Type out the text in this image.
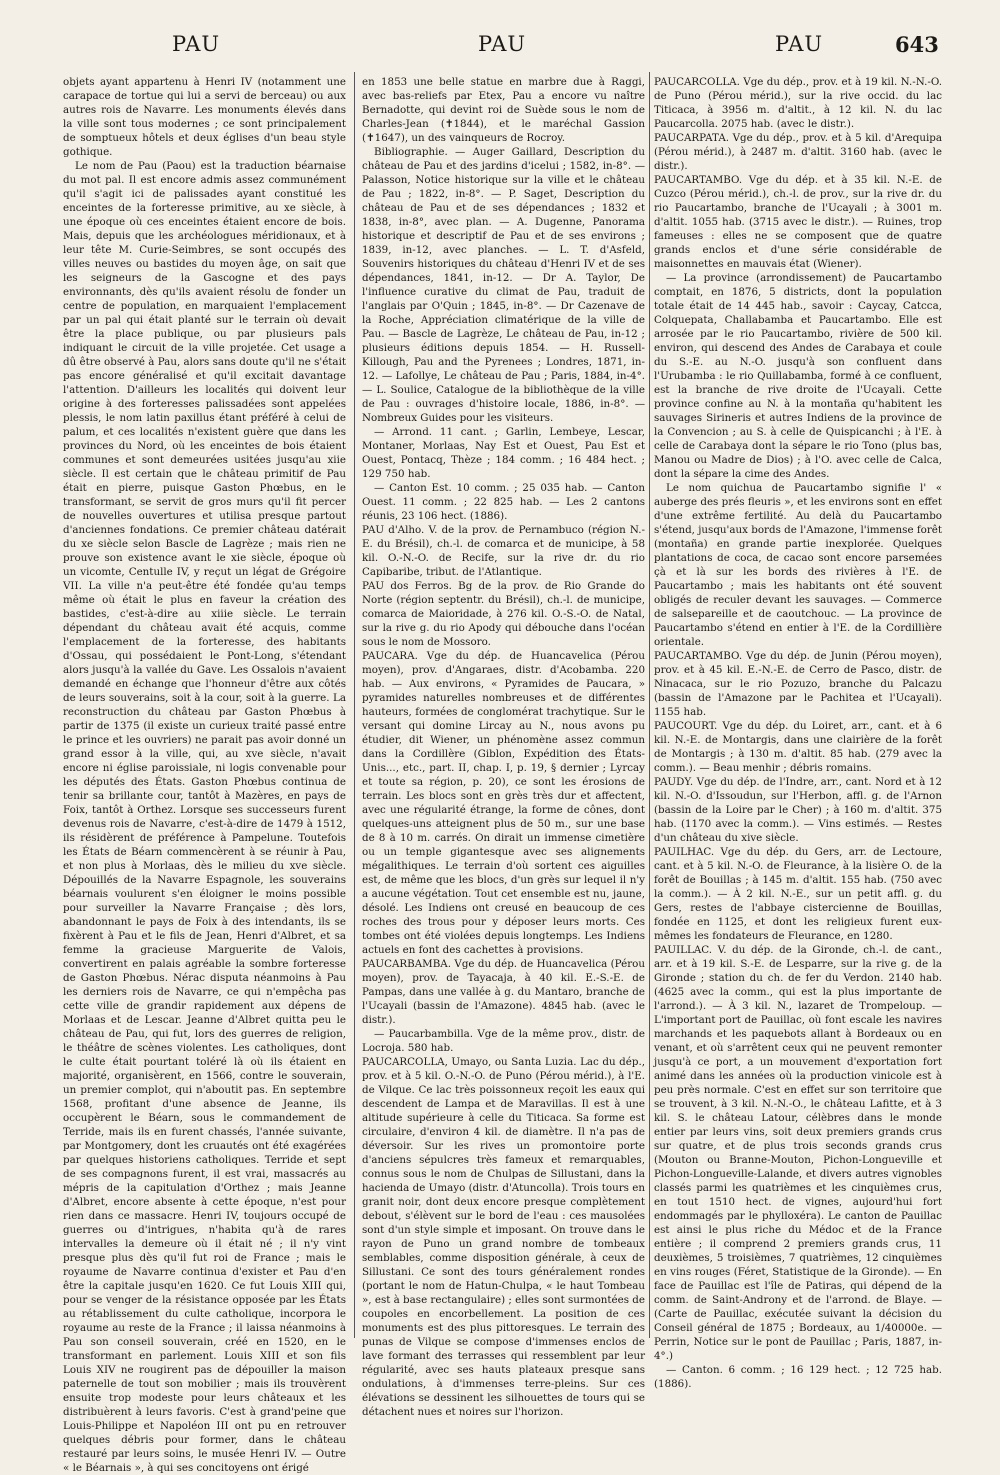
PAU	PAU	PAU	643

objets ayant appartenu à Henri IV (notamment une carapace de tortue qui lui a servi de berceau) ou aux autres rois de Navarre. Les monuments élevés dans la ville sont tous modernes ; ce sont principalement de somptueux hôtels et deux églises d'un beau style gothique.

Le nom de Pau (Paou) est la traduction béarnaise du mot pal. Il est encore admis assez communément qu'il s'agit ici de palissades ayant constitué les enceintes de la forteresse primitive, au xe siècle, à une époque où ces enceintes étaient encore de bois. Mais, depuis que les archéologues méridionaux, et à leur tête M. Curie-Seimbres, se sont occupés des villes neuves ou bastides du moyen âge, on sait que les seigneurs de la Gascogne et des pays environnants, dès qu'ils avaient résolu de fonder un centre de population, en marquaient l'emplacement par un pal qui était planté sur le terrain où devait être la place publique, ou par plusieurs pals indiquant le circuit de la ville projetée. Cet usage a dû être observé à Pau, alors sans doute qu'il ne s'était pas encore généralisé et qu'il excitait davantage l'attention. D'ailleurs les localités qui doivent leur origine à des forteresses palissadées sont appelées plessis, le nom latin paxillus étant préféré à celui de palum, et ces localités n'existent guère que dans les provinces du Nord, où les enceintes de bois étaient communes et sont demeurées usitées jusqu'au xiie siècle. Il est certain que le château primitif de Pau était en pierre, puisque Gaston Phœbus, en le transformant, se servit de gros murs qu'il fit percer de nouvelles ouvertures et utilisa presque partout d'anciennes fondations. Ce premier château datérait du xe siècle selon Bascle de Lagrèze ; mais rien ne prouve son existence avant le xie siècle, époque où un vicomte, Centulle IV, y reçut un légat de Grégoire VII. La ville n'a peut-être été fondée qu'au temps même où était le plus en faveur la création des bastides, c'est-à-dire au xiiie siècle. Le terrain dépendant du château avait été acquis, comme l'emplacement de la forteresse, des habitants d'Ossau, qui possédaient le Pont-Long, s'étendant alors jusqu'à la vallée du Gave. Les Ossalois n'avaient demandé en échange que l'honneur d'être aux côtés de leurs souverains, soit à la cour, soit à la guerre. La reconstruction du château par Gaston Phœbus à partir de 1375 (il existe un curieux traité passé entre le prince et les ouvriers) ne parait pas avoir donné un grand essor à la ville, qui, au xve siècle, n'avait encore ni église paroissiale, ni logis convenable pour les députés des États. Gaston Phœbus continua de tenir sa brillante cour, tantôt à Mazères, en pays de Foix, tantôt à Orthez. Lorsque ses successeurs furent devenus rois de Navarre, c'est-à-dire de 1479 à 1512, ils résidèrent de préférence à Pampelune. Toutefois les États de Béarn commencèrent à se réunir à Pau, et non plus à Morlaas, dès le milieu du xve siècle. Dépouillés de la Navarre Espagnole, les souverains béarnais voulurent s'en éloigner le moins possible pour surveiller la Navarre Française ; dès lors, abandonnant le pays de Foix à des intendants, ils se fixèrent à Pau et le fils de Jean, Henri d'Albret, et sa femme la gracieuse Marguerite de Valois, convertirent en palais agréable la sombre forteresse de Gaston Phœbus. Nérac disputa néanmoins à Pau les derniers rois de Navarre, ce qui n'empêcha pas cette ville de grandir rapidement aux dépens de Morlaas et de Lescar. Jeanne d'Albret quitta peu le château de Pau, qui fut, lors des guerres de religion, le théâtre de scènes violentes. Les catholiques, dont le culte était pourtant toléré là où ils étaient en majorité, organisèrent, en 1566, contre le souverain, un premier complot, qui n'aboutit pas. En septembre 1568, profitant d'une absence de Jeanne, ils occupèrent le Béarn, sous le commandement de Terride, mais ils en furent chassés, l'année suivante, par Montgomery, dont les cruautés ont été exagérées par quelques historiens catholiques. Terride et sept de ses compagnons furent, il est vrai, massacrés au mépris de la capitulation d'Orthez ; mais Jeanne d'Albret, encore absente à cette époque, n'est pour rien dans ce massacre. Henri IV, toujours occupé de guerres ou d'intrigues, n'habita qu'à de rares intervalles la demeure où il était né ; il n'y vint presque plus dès qu'il fut roi de France ; mais le royaume de Navarre continua d'exister et Pau d'en être la capitale jusqu'en 1620. Ce fut Louis XIII qui, pour se venger de la résistance opposée par les États au rétablissement du culte catholique, incorpora le royaume au reste de la France ; il laissa néanmoins à Pau son conseil souverain, créé en 1520, en le transformant en parlement. Louis XIII et son fils Louis XIV ne rougirent pas de dépouiller la maison paternelle de tout son mobilier ; mais ils trouvèrent ensuite trop modeste pour leurs châteaux et les distribuèrent à leurs favoris. C'est à grand'peine que Louis-Philippe et Napoléon III ont pu en retrouver quelques débris pour former, dans le château restauré par leurs soins, le musée Henri IV. — Outre « le Béarnais », à qui ses concitoyens ont érigé

en 1853 une belle statue en marbre due à Raggi, avec bas-reliefs par Etex, Pau a encore vu naître Bernadotte, qui devint roi de Suède sous le nom de Charles-Jean (✝1844), et le maréchal Gassion (✝1647), un des vainqueurs de Rocroy.

Bibliographie. — Auger Gaillard, Description du château de Pau et des jardins d'icelui ; 1582, in-8°. — Palasson, Notice historique sur la ville et le château de Pau ; 1822, in-8°. — P. Saget, Description du château de Pau et de ses dépendances ; 1832 et 1838, in-8°, avec plan. — A. Dugenne, Panorama historique et descriptif de Pau et de ses environs ; 1839, in-12, avec planches. — L. T. d'Asfeld, Souvenirs historiques du château d'Henri IV et de ses dépendances, 1841, in-12. — Dr A. Taylor, De l'influence curative du climat de Pau, traduit de l'anglais par O'Quin ; 1845, in-8°. — Dr Cazenave de la Roche, Appréciation climatérique de la ville de Pau. — Bascle de Lagrèze, Le château de Pau, in-12 ; plusieurs éditions depuis 1854. — H. Russell-Killough, Pau and the Pyrenees ; Londres, 1871, in-12. — Lafollye, Le château de Pau ; Paris, 1884, in-4°. — L. Soulice, Catalogue de la bibliothèque de la ville de Pau : ouvrages d'histoire locale, 1886, in-8°. — Nombreux Guides pour les visiteurs.

— Arrond. 11 cant. ; Garlin, Lembeye, Lescar, Montaner, Morlaas, Nay Est et Ouest, Pau Est et Ouest, Pontacq, Thèze ; 184 comm. ; 16 484 hect. ; 129 750 hab.

— Canton Est. 10 comm. ; 25 035 hab. — Canton Ouest. 11 comm. ; 22 825 hab. — Les 2 cantons réunis, 23 106 hect. (1886).

PAU d'Alho. V. de la prov. de Pernambuco (région N.-E. du Brésil), ch.-l. de comarca et de municipe, à 58 kil. O.-N.-O. de Recife, sur la rive dr. du rio Capibaribe, tribut. de l'Atlantique.

PAU dos Ferros. Bg de la prov. de Rio Grande do Norte (région septentr. du Brésil), ch.-l. de municipe, comarca de Maioridade, à 276 kil. O.-S.-O. de Natal, sur la rive g. du rio Apody qui débouche dans l'océan sous le nom de Mossoro.

PAUCARA. Vge du dép. de Huancavelica (Pérou moyen), prov. d'Angaraes, distr. d'Acobamba. 220 hab. — Aux environs, « Pyramides de Paucara, » pyramides naturelles nombreuses et de différentes hauteurs, formées de conglomérat trachytique. Sur le versant qui domine Lircay au N., nous avons pu étudier, dit Wiener, un phénomène assez commun dans la Cordillère (Giblon, Expédition des États-Unis..., etc., part. II, chap. I, p. 19, § dernier ; Lyrcay et toute sa région, p. 20), ce sont les érosions de terrain. Les blocs sont en grès très dur et affectent, avec une régularité étrange, la forme de cônes, dont quelques-uns atteignent plus de 50 m., sur une base de 8 à 10 m. carrés. On dirait un immense cimetière ou un temple gigantesque avec ses alignements mégalithiques. Le terrain d'où sortent ces aiguilles est, de même que les blocs, d'un grès sur lequel il n'y a aucune végétation. Tout cet ensemble est nu, jaune, désolé. Les Indiens ont creusé en beaucoup de ces roches des trous pour y déposer leurs morts. Ces tombes ont été violées depuis longtemps. Les Indiens actuels en font des cachettes à provisions.

PAUCARBAMBA. Vge du dép. de Huancavelica (Pérou moyen), prov. de Tayacaja, à 40 kil. E.-S.-E. de Pampas, dans une vallée à g. du Mantaro, branche de l'Ucayali (bassin de l'Amazone). 4845 hab. (avec le distr.).

— Paucarbambilla. Vge de la même prov., distr. de Locroja. 580 hab.

PAUCARCOLLA, Umayo, ou Santa Luzia. Lac du dép., prov. et à 5 kil. O.-N.-O. de Puno (Pérou mérid.), à l'E. de Vilque. Ce lac très poissonneux reçoit les eaux qui descendent de Lampa et de Maravillas. Il est à une altitude supérieure à celle du Titicaca. Sa forme est circulaire, d'environ 4 kil. de diamètre. Il n'a pas de déversoir. Sur les rives un promontoire porte d'anciens sépulcres très fameux et remarquables, connus sous le nom de Chulpas de Sillustani, dans la hacienda de Umayo (distr. d'Atuncolla). Trois tours en granit noir, dont deux encore presque complètement debout, s'élèvent sur le bord de l'eau : ces mausolées sont d'un style simple et imposant. On trouve dans le rayon de Puno un grand nombre de tombeaux semblables, comme disposition générale, à ceux de Sillustani. Ce sont des tours généralement rondes (portant le nom de Hatun-Chulpa, « le haut Tombeau », est à base rectangulaire) ; elles sont surmontées de coupoles en encorbellement. La position de ces monuments est des plus pittoresques. Le terrain des punas de Vilque se compose d'immenses enclos de lave formant des terrasses qui ressemblent par leur régularité, avec ses hauts plateaux presque sans ondulations, à d'immenses terre-pleins. Sur ces élévations se dessinent les silhouettes de tours qui se détachent nues et noires sur l'horizon.

PAUCARCOLLA. Vge du dép., prov. et à 19 kil. N.-N.-O. de Puno (Pérou mérid.), sur la rive occid. du lac Titicaca, à 3956 m. d'altit., à 12 kil. N. du lac Paucarcolla. 2075 hab. (avec le distr.).

PAUCARPATA. Vge du dép., prov. et à 5 kil. d'Arequipa (Pérou mérid.), à 2487 m. d'altit. 3160 hab. (avec le distr.).

PAUCARTAMBO. Vge du dép. et à 35 kil. N.-E. de Cuzco (Pérou mérid.), ch.-l. de prov., sur la rive dr. du rio Paucartambo, branche de l'Ucayali ; à 3001 m. d'altit. 1055 hab. (3715 avec le distr.). — Ruines, trop fameuses : elles ne se composent que de quatre grands enclos et d'une série considérable de maisonnettes en mauvais état (Wiener).

— La province (arrondissement) de Paucartambo comptait, en 1876, 5 districts, dont la population totale était de 14 445 hab., savoir : Caycay, Catcca, Colquepata, Challabamba et Paucartambo. Elle est arrosée par le rio Paucartambo, rivière de 500 kil. environ, qui descend des Andes de Carabaya et coule du S.-E. au N.-O. jusqu'à son confluent dans l'Urubamba : le rio Quillabamba, formé à ce confluent, est la branche de rive droite de l'Ucayali. Cette province confine au N. à la montaña qu'habitent les sauvages Sirineris et autres Indiens de la province de la Convencion ; au S. à celle de Quispicanchi ; à l'E. à celle de Carabaya dont la sépare le rio Tono (plus bas, Manou ou Madre de Dios) ; à l'O. avec celle de Calca, dont la sépare la cime des Andes.

Le nom quichua de Paucartambo signifie l' « auberge des prés fleuris », et les environs sont en effet d'une extrême fertilité. Au delà du Paucartambo s'étend, jusqu'aux bords de l'Amazone, l'immense forêt (montaña) en grande partie inexplorée. Quelques plantations de coca, de cacao sont encore parsemées çà et là sur les bords des rivières à l'E. de Paucartambo ; mais les habitants ont été souvent obligés de reculer devant les sauvages. — Commerce de salsepareille et de caoutchouc. — La province de Paucartambo s'étend en entier à l'E. de la Cordillière orientale.

PAUCARTAMBO. Vge du dép. de Junin (Pérou moyen), prov. et à 45 kil. E.-N.-E. de Cerro de Pasco, distr. de Ninacaca, sur le rio Pozuzo, branche du Palcazu (bassin de l'Amazone par le Pachitea et l'Ucayali). 1155 hab.

PAUCOURT. Vge du dép. du Loiret, arr., cant. et à 6 kil. N.-E. de Montargis, dans une clairière de la forêt de Montargis ; à 130 m. d'altit. 85 hab. (279 avec la comm.). — Beau menhir ; débris romains.

PAUDY. Vge du dép. de l'Indre, arr., cant. Nord et à 12 kil. N.-O. d'Issoudun, sur l'Herbon, affl. g. de l'Arnon (bassin de la Loire par le Cher) ; à 160 m. d'altit. 375 hab. (1170 avec la comm.). — Vins estimés. — Restes d'un château du xive siècle.

PAUILHAC. Vge du dép. du Gers, arr. de Lectoure, cant. et à 5 kil. N.-O. de Fleurance, à la lisière O. de la forêt de Bouillas ; à 145 m. d'altit. 155 hab. (750 avec la comm.). — À 2 kil. N.-E., sur un petit affl. g. du Gers, restes de l'abbaye cistercienne de Bouillas, fondée en 1125, et dont les religieux furent eux-mêmes les fondateurs de Fleurance, en 1280.

PAUILLAC. V. du dép. de la Gironde, ch.-l. de cant., arr. et à 19 kil. S.-E. de Lesparre, sur la rive g. de la Gironde ; station du ch. de fer du Verdon. 2140 hab. (4625 avec la comm., qui est la plus importante de l'arrond.). — À 3 kil. N., lazaret de Trompeloup. — L'important port de Pauillac, où font escale les navires marchands et les paquebots allant à Bordeaux ou en venant, et où s'arrêtent ceux qui ne peuvent remonter jusqu'à ce port, a un mouvement d'exportation fort animé dans les années où la production vinicole est à peu près normale. C'est en effet sur son territoire que se trouvent, à 3 kil. N.-N.-O., le château Lafitte, et à 3 kil. S. le château Latour, célèbres dans le monde entier par leurs vins, soit deux premiers grands crus sur quatre, et de plus trois seconds grands crus (Mouton ou Branne-Mouton, Pichon-Longueville et Pichon-Longueville-Lalande, et divers autres vignobles classés parmi les quatrièmes et les cinquièmes crus, en tout 1510 hect. de vignes, aujourd'hui fort endommagés par le phylloxéra). Le canton de Pauillac est ainsi le plus riche du Médoc et de la France entière ; il comprend 2 premiers grands crus, 11 deuxièmes, 5 troisièmes, 7 quatrièmes, 12 cinquièmes en vins rouges (Féret, Statistique de la Gironde). — En face de Pauillac est l'île de Patiras, qui dépend de la comm. de Saint-Androny et de l'arrond. de Blaye. — (Carte de Pauillac, exécutée suivant la décision du Conseil général de 1875 ; Bordeaux, au 1/40000e. — Perrin, Notice sur le pont de Pauillac ; Paris, 1887, in-4°.)

— Canton. 6 comm. ; 16 129 hect. ; 12 725 hab. (1886).
